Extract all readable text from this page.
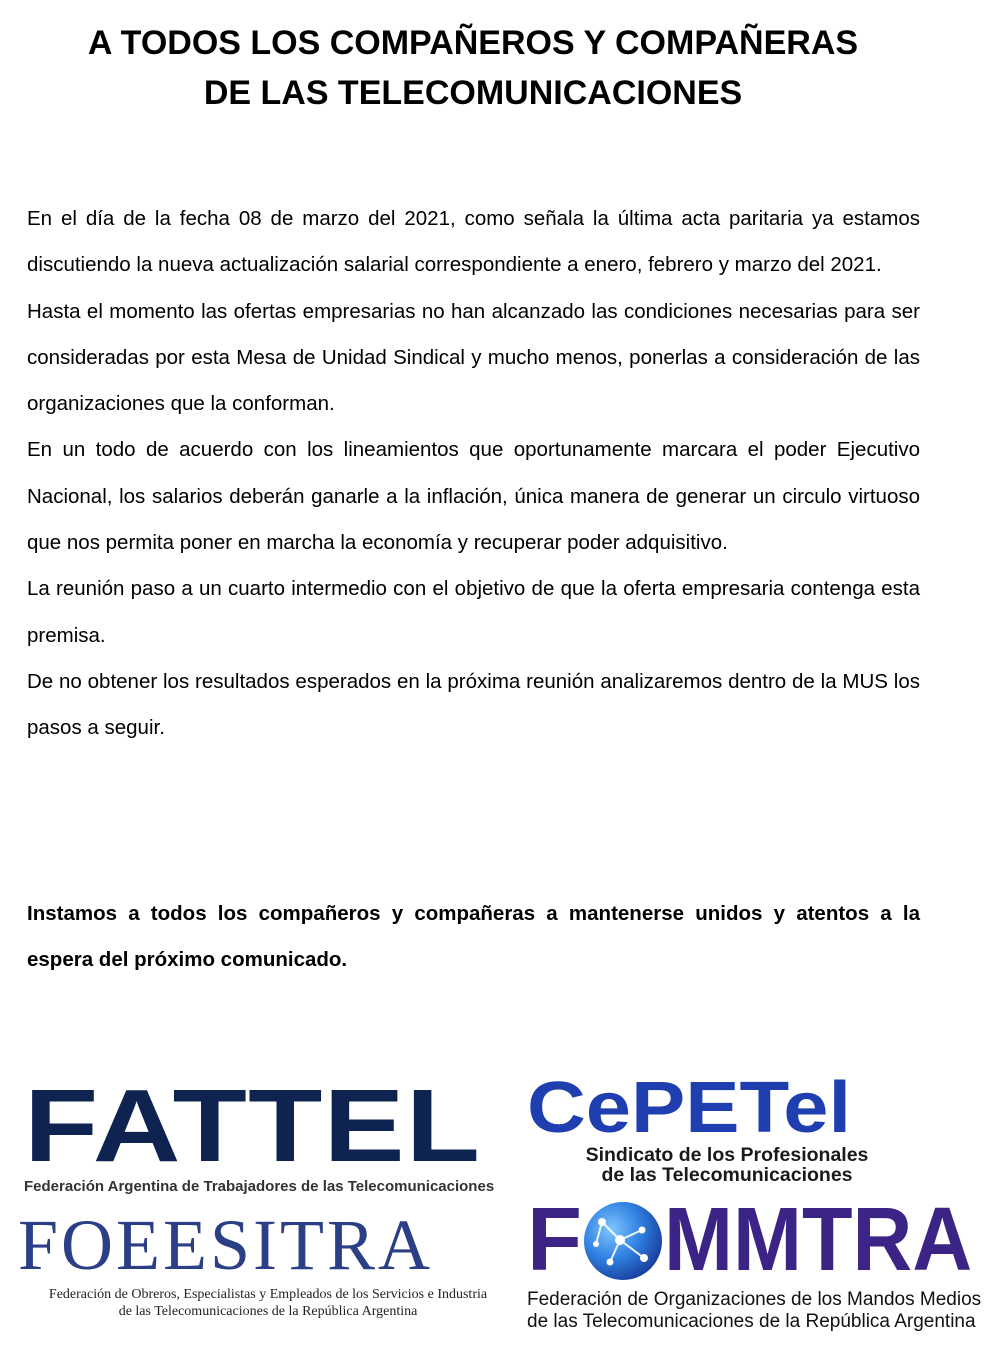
A TODOS LOS COMPAÑEROS Y COMPAÑERAS
DE LAS TELECOMUNICACIONES

En el día de la fecha 08 de marzo del 2021, como señala la última acta paritaria ya estamos discutiendo la nueva actualización salarial correspondiente a enero, febrero y marzo del 2021.

Hasta el momento las ofertas empresarias no han alcanzado las condiciones necesarias para ser consideradas por esta Mesa de Unidad Sindical y mucho menos, ponerlas a consideración de las organizaciones que la conforman.

En un todo de acuerdo con los lineamientos que oportunamente marcara el poder Ejecutivo Nacional, los salarios deberán ganarle a la inflación, única manera de generar un circulo virtuoso que nos permita poner en marcha la economía y recuperar poder adquisitivo.

La reunión paso a un cuarto intermedio con el objetivo de que la oferta empresaria contenga esta premisa.

De no obtener los resultados esperados en la próxima reunión analizaremos dentro de la MUS los pasos a seguir.

Instamos a todos los compañeros y compañeras a mantenerse unidos y atentos a la espera del próximo comunicado.

FATTEL
Federación Argentina de Trabajadores de las Telecomunicaciones
CePETel
Sindicato de los Profesionales
de las Telecomunicaciones
FOEESITRA
Federación de Obreros, Especialistas y Empleados de los Servicios e Industria
de las Telecomunicaciones de la República Argentina
F MMTRA
Federación de Organizaciones de los Mandos Medios
de las Telecomunicaciones de la República Argentina
